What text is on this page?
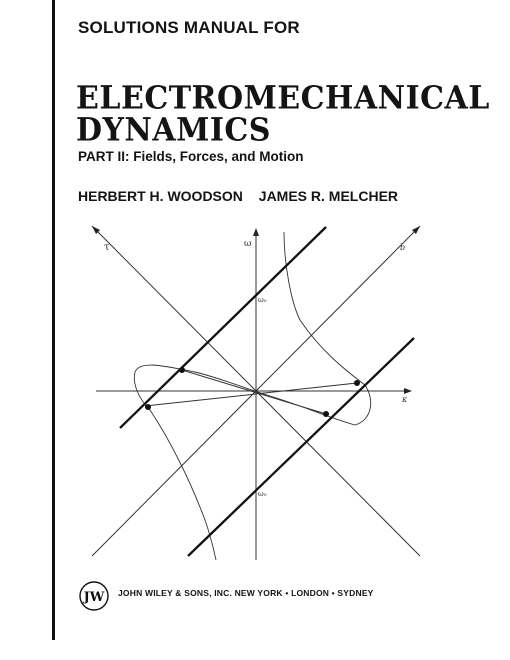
SOLUTIONS MANUAL FOR
ELECTROMECHANICAL
DYNAMICS
PART II: Fields, Forces, and Motion
HERBERT H. WOODSON JAMES R. MELCHER
ω
ω₀
ω₀
κ
τ	b
JW JOHN WILEY & SONS, INC. NEW YORK • LONDON • SYDNEY
